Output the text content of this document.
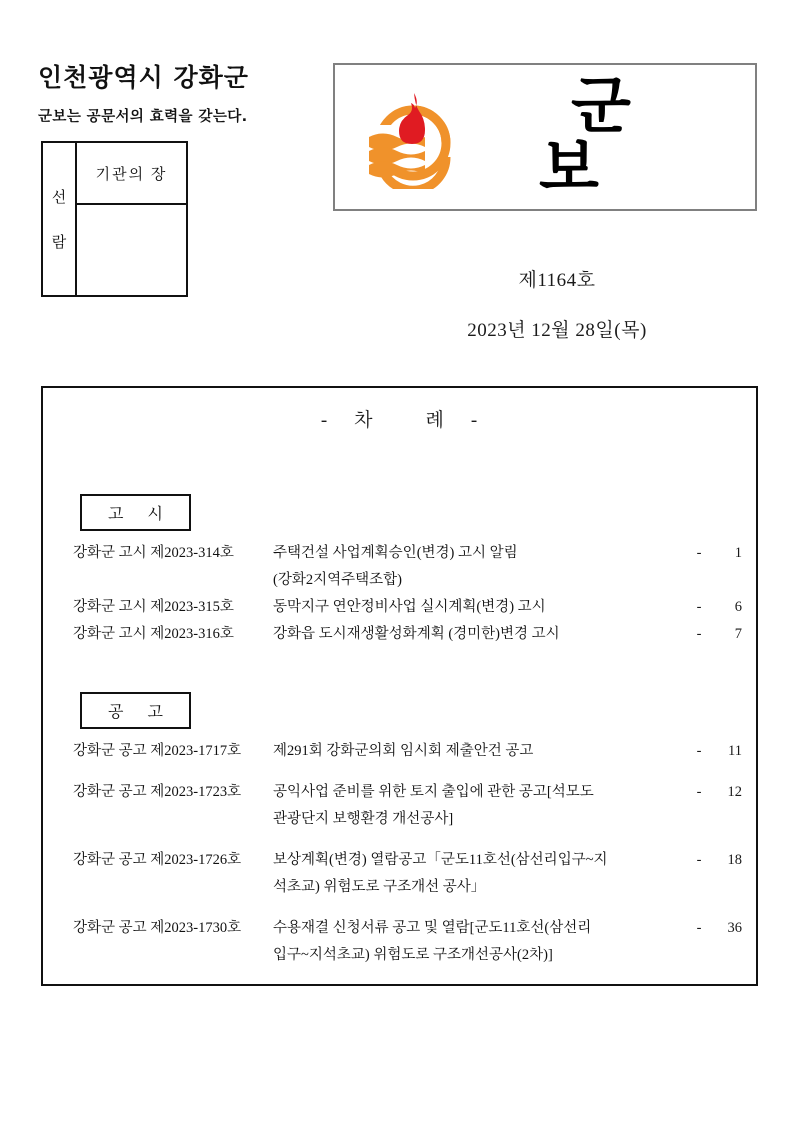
인천광역시 강화군
군보는 공문서의 효력을 갖는다.
선
람
기관의 장
군보
제1164호
2023년 12월 28일(목)
- 차	례 -
고 시
강화군 고시 제2023-314호	주택건설 사업계획승인(변경) 고시 알림
(강화2지역주택조합)
-	1
강화군 고시 제2023-315호	동막지구 연안정비사업 실시계획(변경) 고시	-	6
강화군 고시 제2023-316호	강화읍 도시재생활성화계획 (경미한)변경 고시	-	7
공 고
강화군 공고 제2023-1717호	제291회 강화군의회 임시회 제출안건 공고	-	11
강화군 공고 제2023-1723호	공익사업 준비를 위한 토지 출입에 관한 공고[석모도
관광단지 보행환경 개선공사]
-	12
강화군 공고 제2023-1726호	보상계획(변경) 열람공고「군도11호선(삼선리입구~지
석초교) 위험도로 구조개선 공사」
-	18
강화군 공고 제2023-1730호	수용재결 신청서류 공고 및 열람[군도11호선(삼선리
입구~지석초교) 위험도로 구조개선공사(2차)]
-	36
